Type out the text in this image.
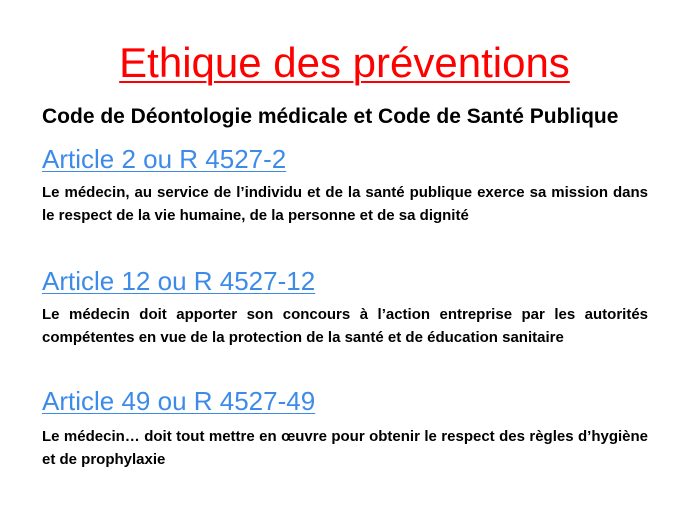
Ethique des préventions
Code de Déontologie médicale et Code de Santé Publique
Article 2 ou R 4527-2
Le médecin, au service de l’individu et de la santé publique exerce sa mission dans le respect de la vie humaine, de la personne et de sa dignité
Article 12 ou R 4527-12
Le médecin doit apporter son concours à l’action entreprise par les autorités compétentes en vue de la protection de la santé et de éducation sanitaire
Article 49 ou R 4527-49
Le médecin… doit tout mettre en œuvre pour obtenir le respect des règles d’hygiène et de prophylaxie
